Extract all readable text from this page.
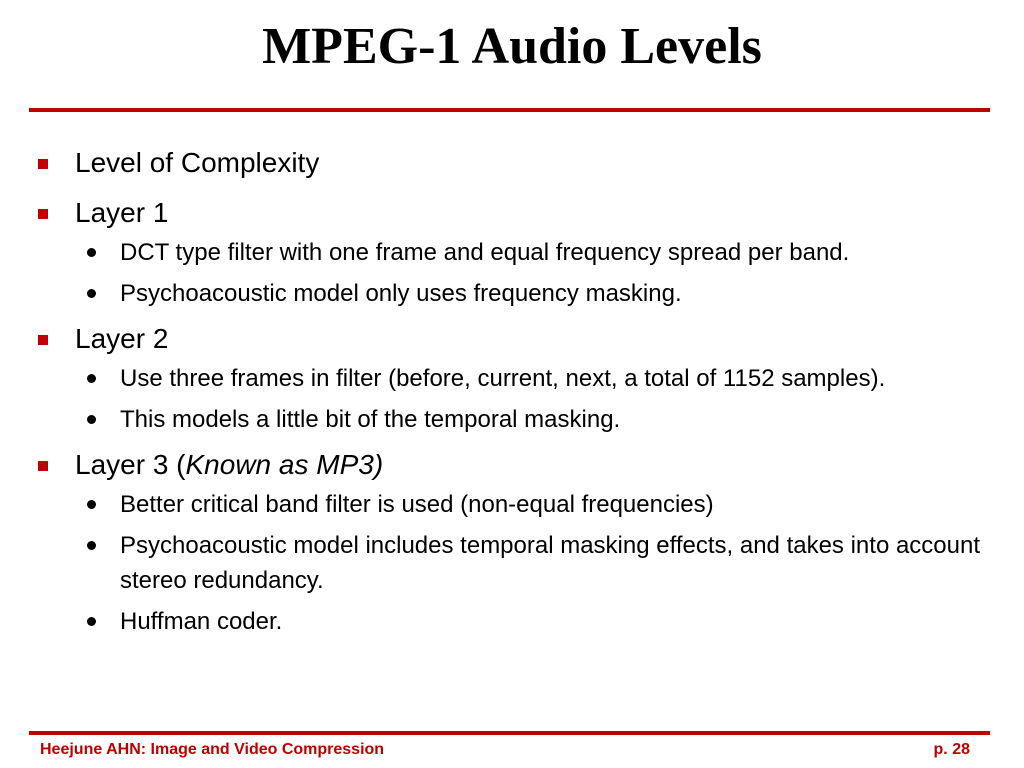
MPEG-1 Audio Levels
Level of Complexity
Layer 1
DCT type filter with one frame and equal frequency spread per band.
Psychoacoustic model only uses frequency masking.
Layer 2
Use three frames in filter (before, current, next, a total of 1152 samples).
This models a little bit of the temporal masking.
Layer 3 (Known as MP3)
Better critical band filter is used (non-equal frequencies)
Psychoacoustic model includes temporal masking effects, and takes into account stereo redundancy.
Huffman coder.
Heejune AHN: Image and Video Compression	p. 28
